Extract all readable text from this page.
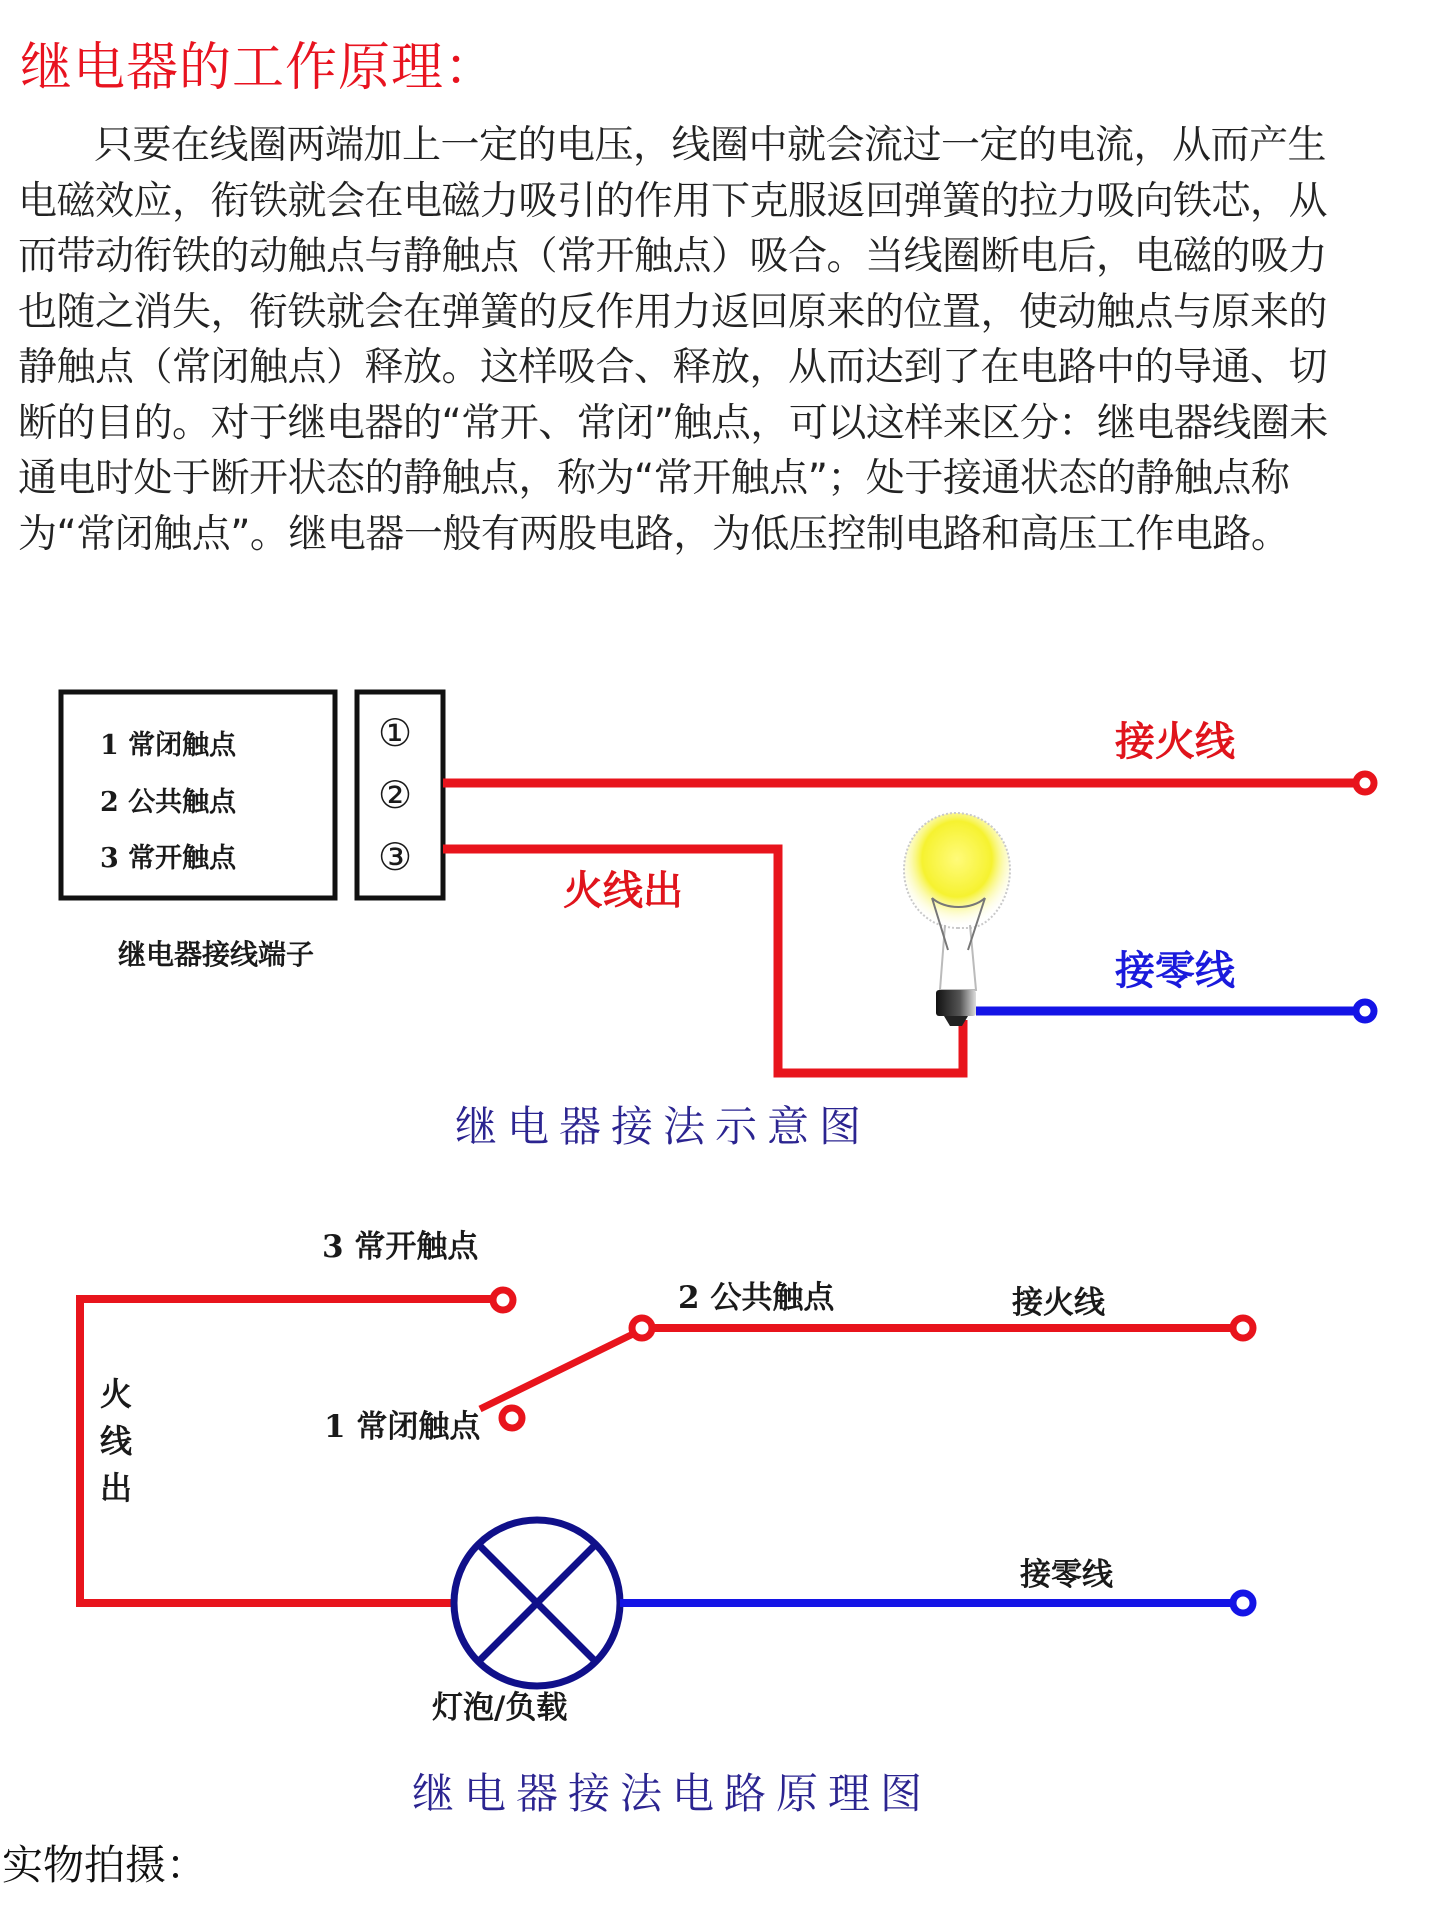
继电器的工作原理：
只要在线圈两端加上一定的电压，线圈中就会流过一定的电流，从而产生电磁效应，衔铁就会在电磁力吸引的作用下克服返回弹簧的拉力吸向铁芯，从而带动衔铁的动触点与静触点（常开触点）吸合。当线圈断电后，电磁的吸力也随之消失，衔铁就会在弹簧的反作用力返回原来的位置，使动触点与原来的静触点（常闭触点）释放。这样吸合、释放，从而达到了在电路中的导通、切断的目的。对于继电器的“常开、常闭”触点，可以这样来区分：继电器线圈未通电时处于断开状态的静触点，称为“常开触点”；处于接通状态的静触点称为“常闭触点”。继电器一般有两股电路，为低压控制电路和高压工作电路。
1 常闭触点
2 公共触点
3 常开触点
①
②
③
继电器接线端子
接火线
火线出
接零线
继电器接法示意图
3 常开触点
2 公共触点	接火线
1 常闭触点
火
线
出
接零线
灯泡/负载
继电器接法电路原理图
实物拍摄：
